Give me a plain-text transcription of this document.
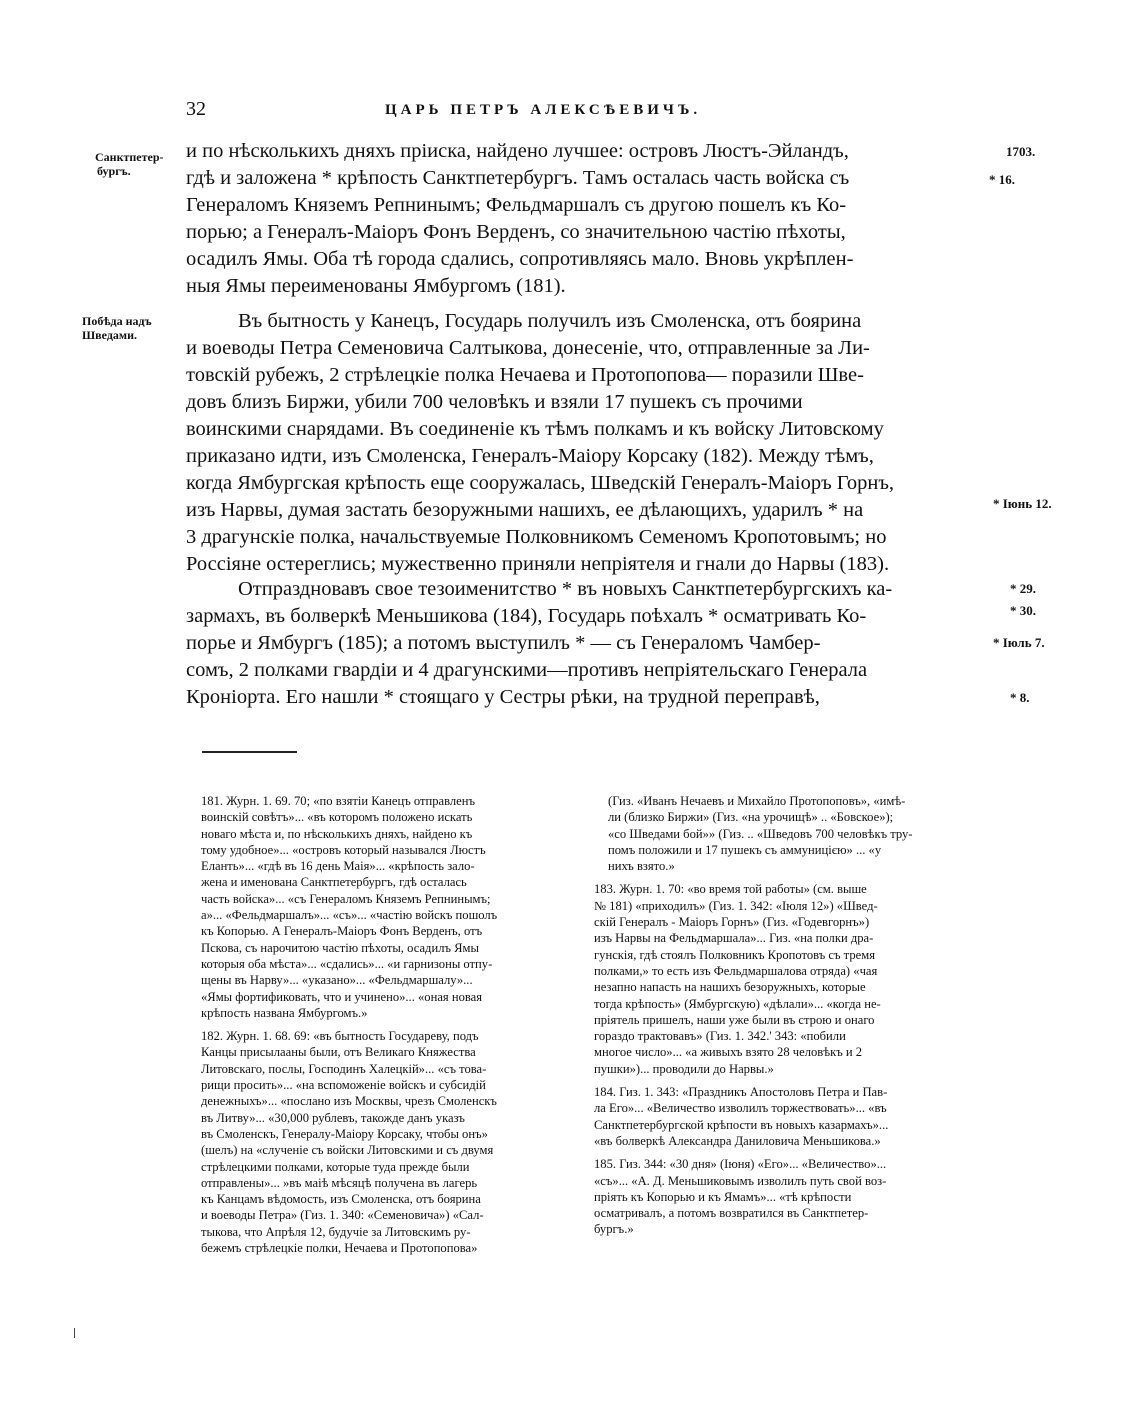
32	ЦАРЬ ПЕТРЪ АЛЕКСѢЕВИЧЪ.
Санктпетер-
бургъ.
Побѣда надъ
Шведами.
1703.
* 16.
* Іюнь 12.
* 29.
* 30.
* Іюль 7.
* 8.
и по нѣсколькихъ дняхъ пріиска, найдено лучшее: островъ Люстъ-Эйландъ,
гдѣ и заложена * крѣпость Санктпетербургъ. Тамъ осталась часть войска съ
Генераломъ Княземъ Репнинымъ; Фельдмаршалъ съ другою пошелъ къ Ко-
порью; а Генералъ-Маіоръ Фонъ Верденъ, со значительною частію пѣхоты,
осадилъ Ямы. Оба тѣ города сдались, сопротивляясь мало. Вновь укрѣплен-
ныя Ямы переименованы Ямбургомъ (181).
Въ бытность у Канецъ, Государь получилъ изъ Смоленска, отъ боярина
и воеводы Петра Семеновича Салтыкова, донесеніе, что, отправленные за Ли-
товскій рубежъ, 2 стрѣлецкіе полка Нечаева и Протопопова— поразили Шве-
довъ близъ Биржи, убили 700 человѣкъ и взяли 17 пушекъ съ прочими
воинскими снарядами. Въ соединеніе къ тѣмъ полкамъ и къ войску Литовскому
приказано идти, изъ Смоленска, Генералъ-Маіору Корсаку (182). Между тѣмъ,
когда Ямбургская крѣпость еще сооружалась, Шведскій Генералъ-Маіоръ Горнъ,
изъ Нарвы, думая застать безоружными нашихъ, ее дѣлающихъ, ударилъ * на
3 драгунскіе полка, начальствуемые Полковникомъ Семеномъ Кропотовымъ; но
Россіяне остереглись; мужественно приняли непріятеля и гнали до Нарвы (183).
Отпраздновавъ свое тезоименитство * въ новыхъ Санктпетербургскихъ ка-
зармахъ, въ болверкѣ Меньшикова (184), Государь поѣхалъ * осматривать Ко-
порье и Ямбургъ (185); а потомъ выступилъ * — съ Генераломъ Чамбер-
сомъ, 2 полками гвардіи и 4 драгунскими—противъ непріятельскаго Генерала
Кроніорта. Его нашли * стоящаго у Сестры рѣки, на трудной переправѣ,
181. Журн. 1. 69. 70; «по взятіи Канецъ отправленъ
воинскій совѣтъ»... «въ которомъ положено искать
новаго мѣста и, по нѣсколькихъ дняхъ, найдено къ
тому удобное»... «островъ который назывался Люстъ
Еланть»... «гдѣ въ 16 день Маія»... «крѣпость зало-
жена и именована Санктпетербургъ, гдѣ осталась
часть войска»... «съ Генераломъ Княземъ Репнинымъ;
а»... «Фельдмаршалъ»... «съ»... «частію войскъ пошолъ
къ Копорью. А Генералъ-Маіоръ Фонъ Верденъ, отъ
Пскова, съ нарочитою частію пѣхоты, осадилъ Ямы
которыя оба мѣста»... «сдались»... «и гарнизоны отпу-
щены въ Нарву»... «указано»... «Фельдмаршалу»...
«Ямы фортификовать, что и учинено»... «оная новая
крѣпость названа Ямбургомъ.»
182. Журн. 1. 68. 69: «въ бытность Государеву, подъ
Канцы присылааны были, отъ Великаго Княжества
Литовскаго, послы, Господинъ Халецкій»... «съ това-
рищи просить»... «на вспоможеніе войскъ и субсидій
денежныхъ»... «послано изъ Москвы, чрезъ Смоленскъ
въ Литву»... «30,000 рублевъ, такожде данъ указъ
въ Смоленскъ, Генералу-Маіору Корсаку, чтобы онъ»
(шелъ) на «слученіе съ войски Литовскими и съ двумя
стрѣлецкими полками, которые туда прежде были
отправлены»... »въ маіѣ мѣсяцѣ получена въ лагерь
къ Канцамъ вѣдомость, изъ Смоленска, отъ боярина
и воеводы Петра» (Гиз. 1. 340: «Семеновича») «Сал-
тыкова, что Апрѣля 12, будучіе за Литовскимъ ру-
бежемъ стрѣлецкіе полки, Нечаева и Протопопова»
(Гиз. «Иванъ Нечаевъ и Михайло Протопоповъ», «имѣ-
ли (близко Биржи» (Гиз. «на урочищѣ» .. «Бовское»);
«со Шведами бой»» (Гиз. .. «Шведовъ 700 человѣкъ тру-
помъ положили и 17 пушекъ съ аммуницією» ... «у
нихъ взято.»
183. Журн. 1. 70: «во время той работы» (см. выше
№ 181) «приходилъ» (Гиз. 1. 342: «Іюля 12») «Швед-
скій Генералъ - Маіоръ Горнъ» (Гиз. «Годевгорнъ»)
изъ Нарвы на Фельдмаршала»... Гиз. «на полки дра-
гунскія, гдѣ стоялъ Полковникъ Кропотовъ съ тремя
полками,» то есть изъ Фельдмаршалова отряда) «чая
незапно напасть на нашихъ безоружныхъ, которые
тогда крѣпость» (Ямбургскую) «дѣлали»... «когда не-
пріятель пришелъ, наши уже были въ строю и онаго
гораздо трактовавъ» (Гиз. 1. 342.' 343: «побили
многое число»... «а живыхъ взято 28 человѣкъ и 2
пушки»)... проводили до Нарвы.»
184. Гиз. 1. 343: «Праздникъ Апостоловъ Петра и Пав-
ла Его»... «Величество изволилъ торжествовать»... «въ
Санктпетербургской крѣпости въ новыхъ казармахъ»...
«въ болверкѣ Александра Даниловича Меньшикова.»
185. Гиз. 344: «30 дня» (Іюня) «Его»... «Величество»...
«съ»... «А. Д. Меньшиковымъ изволилъ путь свой воз-
пріять къ Копорью и къ Ямамъ»... «тѣ крѣпости
осматривалъ, а потомъ возвратился въ Санктпетер-
бургъ.»
